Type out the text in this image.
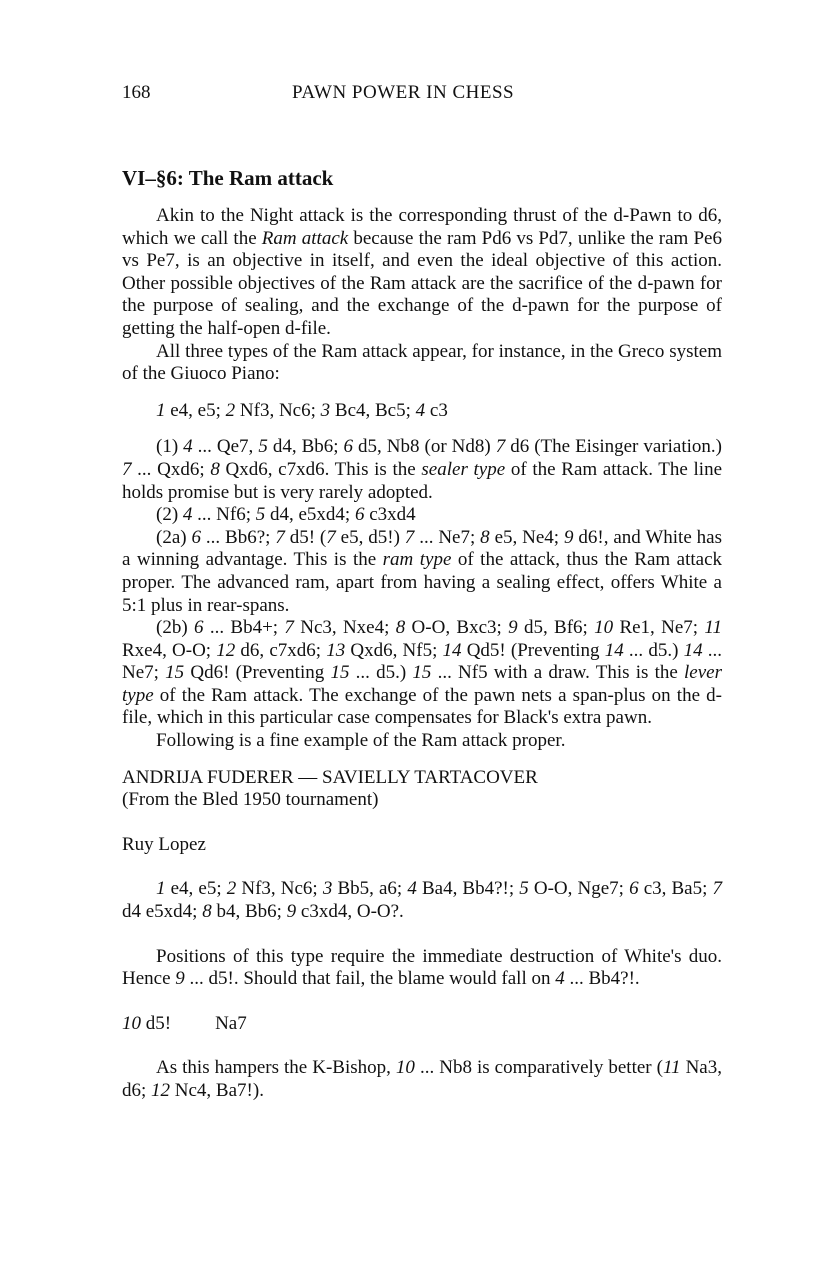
168	PAWN POWER IN CHESS
VI–§6: The Ram attack

Akin to the Night attack is the corresponding thrust of the d-Pawn to d6, which we call the Ram attack because the ram Pd6 vs Pd7, unlike the ram Pe6 vs Pe7, is an objective in itself, and even the ideal objective of this action. Other possible objectives of the Ram attack are the sacrifice of the d-pawn for the purpose of sealing, and the exchange of the d-pawn for the purpose of getting the half-open d-file.

All three types of the Ram attack appear, for instance, in the Greco system of the Giuoco Piano:

1 e4, e5; 2 Nf3, Nc6; 3 Bc4, Bc5; 4 c3

(1) 4 ... Qe7, 5 d4, Bb6; 6 d5, Nb8 (or Nd8) 7 d6 (The Eisinger variation.) 7 ... Qxd6; 8 Qxd6, c7xd6. This is the sealer type of the Ram attack. The line holds promise but is very rarely adopted.

(2) 4 ... Nf6; 5 d4, e5xd4; 6 c3xd4

(2a) 6 ... Bb6?; 7 d5! (7 e5, d5!) 7 ... Ne7; 8 e5, Ne4; 9 d6!, and White has a winning advantage. This is the ram type of the attack, thus the Ram attack proper. The advanced ram, apart from having a sealing effect, offers White a 5:1 plus in rear-spans.

(2b) 6 ... Bb4+; 7 Nc3, Nxe4; 8 O-O, Bxc3; 9 d5, Bf6; 10 Re1, Ne7; 11 Rxe4, O-O; 12 d6, c7xd6; 13 Qxd6, Nf5; 14 Qd5! (Preventing 14 ... d5.) 14 ... Ne7; 15 Qd6! (Preventing 15 ... d5.) 15 ... Nf5 with a draw. This is the lever type of the Ram attack. The exchange of the pawn nets a span-plus on the d-file, which in this particular case compensates for Black's extra pawn.

Following is a fine example of the Ram attack proper.

ANDRIJA FUDERER — SAVIELLY TARTACOVER

(From the Bled 1950 tournament)

Ruy Lopez

1 e4, e5; 2 Nf3, Nc6; 3 Bb5, a6; 4 Ba4, Bb4?!; 5 O-O, Nge7; 6 c3, Ba5; 7 d4 e5xd4; 8 b4, Bb6; 9 c3xd4, O-O?.

Positions of this type require the immediate destruction of White's duo. Hence 9 ... d5!. Should that fail, the blame would fall on 4 ... Bb4?!.

10 d5! Na7

As this hampers the K-Bishop, 10 ... Nb8 is comparatively better (11 Na3, d6; 12 Nc4, Ba7!).
